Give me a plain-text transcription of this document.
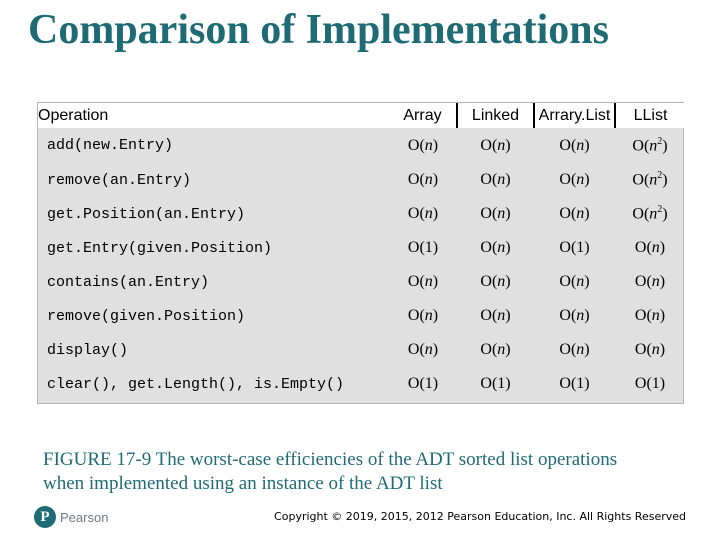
Comparison of Implementations
Operation	Array	Linked	Arrary.List	LList
add(new.Entry)	O(n)	O(n)	O(n)	$O(n^2)$
remove(an.Entry)	O(n)	O(n)	O(n)	$O(n^2)$
get.Position(an.Entry)	O(n)	O(n)	O(n)	$O(n^2)$
get.Entry(given.Position)	O(1)	O(n)	O(1)	O(n)
contains(an.Entry)	O(n)	O(n)	O(n)	O(n)
remove(given.Position)	O(n)	O(n)	O(n)	O(n)
display()	O(n)	O(n)	O(n)	O(n)
clear(), get.Length(), is.Empty()	O(1)	O(1)	O(1)	O(1)
FIGURE 17-9 The worst-case efficiencies of the ADT sorted list operations when implemented using an instance of the ADT list
P Pearson	Copyright © 2019, 2015, 2012 Pearson Education, Inc. All Rights Reserved
